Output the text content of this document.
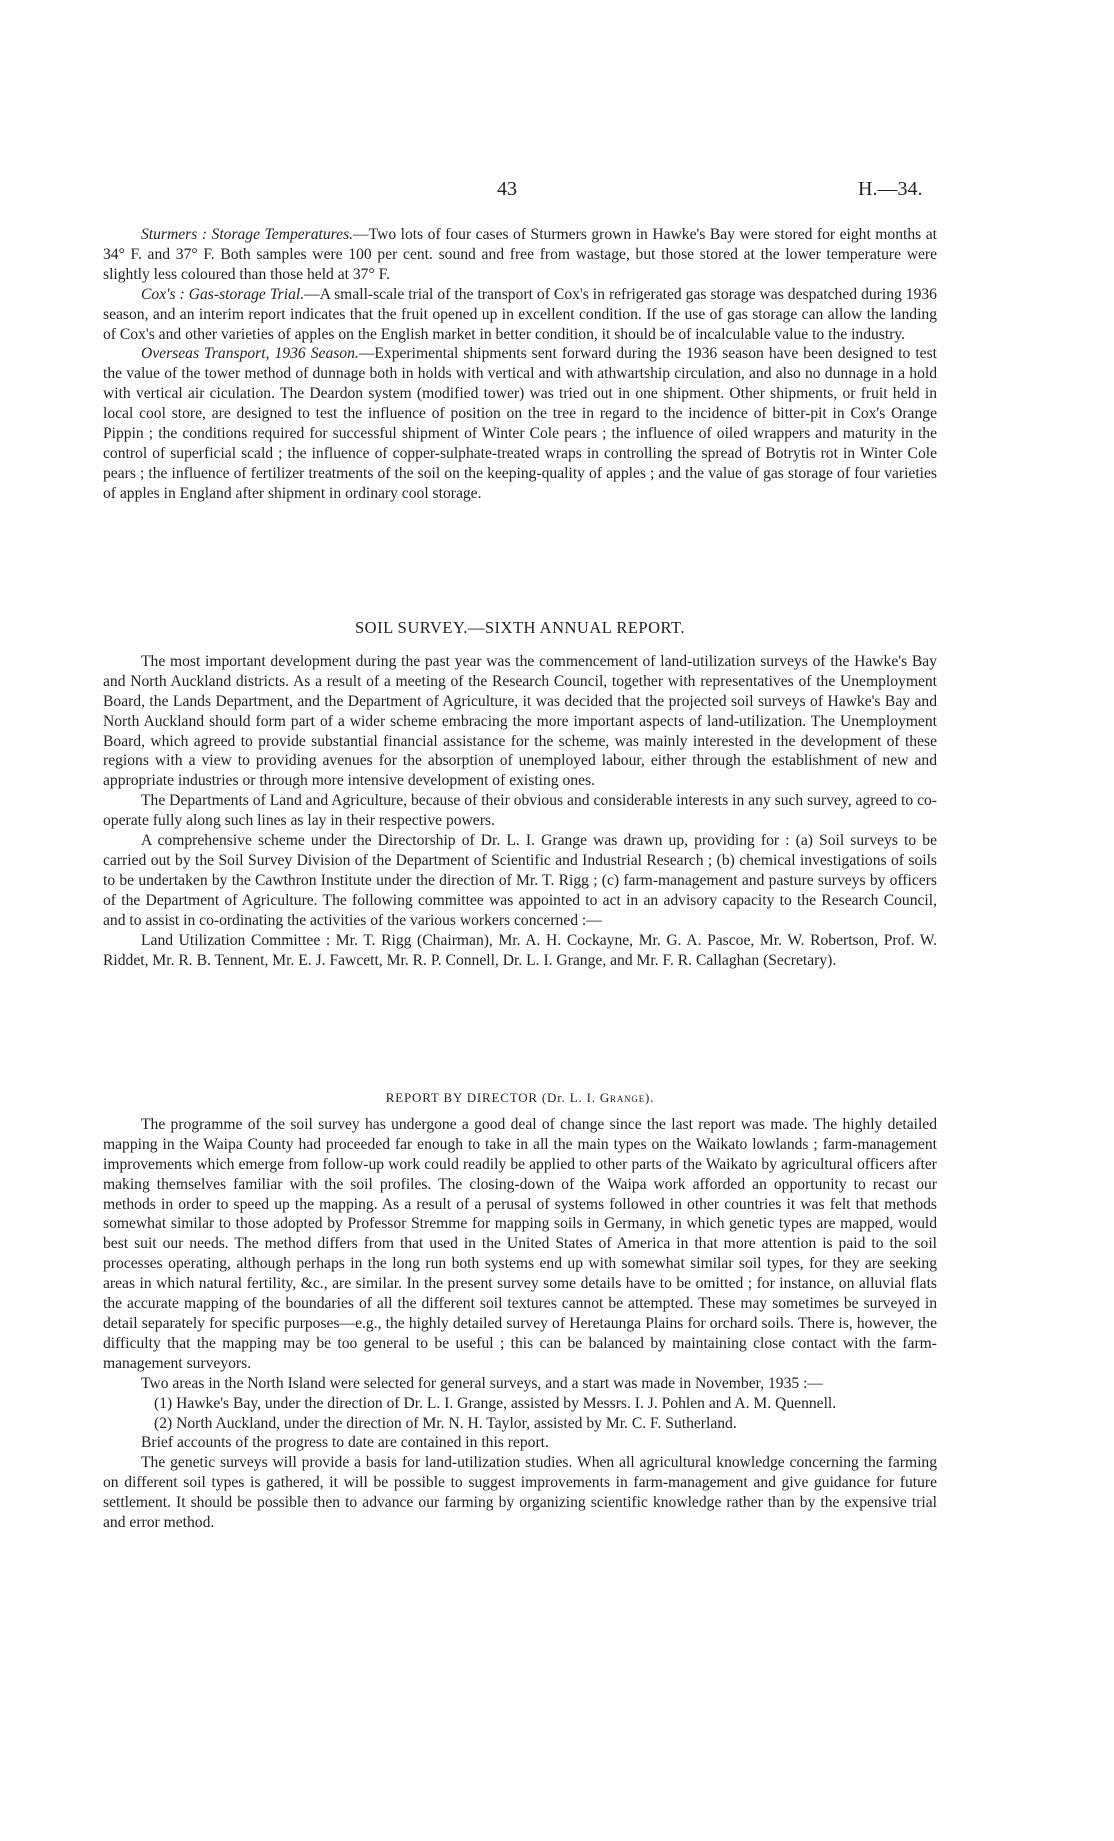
43	H.—34.

Sturmers : Storage Temperatures.—Two lots of four cases of Sturmers grown in Hawke's Bay were stored for eight months at 34° F. and 37° F. Both samples were 100 per cent. sound and free from wastage, but those stored at the lower temperature were slightly less coloured than those held at 37° F.

Cox's : Gas-storage Trial.—A small-scale trial of the transport of Cox's in refrigerated gas storage was despatched during 1936 season, and an interim report indicates that the fruit opened up in excellent condition. If the use of gas storage can allow the landing of Cox's and other varieties of apples on the English market in better condition, it should be of incalculable value to the industry.

Overseas Transport, 1936 Season.—Experimental shipments sent forward during the 1936 season have been designed to test the value of the tower method of dunnage both in holds with vertical and with athwartship circulation, and also no dunnage in a hold with vertical air ciculation. The Deardon system (modified tower) was tried out in one shipment. Other shipments, or fruit held in local cool store, are designed to test the influence of position on the tree in regard to the incidence of bitter-pit in Cox's Orange Pippin ; the conditions required for successful shipment of Winter Cole pears ; the influence of oiled wrappers and maturity in the control of superficial scald ; the influence of copper-sulphate-treated wraps in controlling the spread of Botrytis rot in Winter Cole pears ; the influence of fertilizer treatments of the soil on the keeping-quality of apples ; and the value of gas storage of four varieties of apples in England after shipment in ordinary cool storage.

SOIL SURVEY.—SIXTH ANNUAL REPORT.

The most important development during the past year was the commencement of land-utilization surveys of the Hawke's Bay and North Auckland districts. As a result of a meeting of the Research Council, together with representatives of the Unemployment Board, the Lands Department, and the Department of Agriculture, it was decided that the projected soil surveys of Hawke's Bay and North Auckland should form part of a wider scheme embracing the more important aspects of land-utilization. The Unemployment Board, which agreed to provide substantial financial assistance for the scheme, was mainly interested in the development of these regions with a view to providing avenues for the absorption of unemployed labour, either through the establishment of new and appropriate industries or through more intensive development of existing ones.

The Departments of Land and Agriculture, because of their obvious and considerable interests in any such survey, agreed to co-operate fully along such lines as lay in their respective powers.

A comprehensive scheme under the Directorship of Dr. L. I. Grange was drawn up, providing for : (a) Soil surveys to be carried out by the Soil Survey Division of the Department of Scientific and Industrial Research ; (b) chemical investigations of soils to be undertaken by the Cawthron Institute under the direction of Mr. T. Rigg ; (c) farm-management and pasture surveys by officers of the Department of Agriculture. The following committee was appointed to act in an advisory capacity to the Research Council, and to assist in co-ordinating the activities of the various workers concerned :—

Land Utilization Committee : Mr. T. Rigg (Chairman), Mr. A. H. Cockayne, Mr. G. A. Pascoe, Mr. W. Robertson, Prof. W. Riddet, Mr. R. B. Tennent, Mr. E. J. Fawcett, Mr. R. P. Connell, Dr. L. I. Grange, and Mr. F. R. Callaghan (Secretary).

REPORT BY DIRECTOR (Dr. L. I. Grange).

The programme of the soil survey has undergone a good deal of change since the last report was made. The highly detailed mapping in the Waipa County had proceeded far enough to take in all the main types on the Waikato lowlands ; farm-management improvements which emerge from follow-up work could readily be applied to other parts of the Waikato by agricultural officers after making themselves familiar with the soil profiles. The closing-down of the Waipa work afforded an opportunity to recast our methods in order to speed up the mapping. As a result of a perusal of systems followed in other countries it was felt that methods somewhat similar to those adopted by Professor Stremme for mapping soils in Germany, in which genetic types are mapped, would best suit our needs. The method differs from that used in the United States of America in that more attention is paid to the soil processes operating, although perhaps in the long run both systems end up with somewhat similar soil types, for they are seeking areas in which natural fertility, &c., are similar. In the present survey some details have to be omitted ; for instance, on alluvial flats the accurate mapping of the boundaries of all the different soil textures cannot be attempted. These may sometimes be surveyed in detail separately for specific purposes—e.g., the highly detailed survey of Heretaunga Plains for orchard soils. There is, however, the difficulty that the mapping may be too general to be useful ; this can be balanced by maintaining close contact with the farm-management surveyors.

Two areas in the North Island were selected for general surveys, and a start was made in November, 1935 :—

(1) Hawke's Bay, under the direction of Dr. L. I. Grange, assisted by Messrs. I. J. Pohlen and A. M. Quennell.

(2) North Auckland, under the direction of Mr. N. H. Taylor, assisted by Mr. C. F. Sutherland.

Brief accounts of the progress to date are contained in this report.

The genetic surveys will provide a basis for land-utilization studies. When all agricultural knowledge concerning the farming on different soil types is gathered, it will be possible to suggest improvements in farm-management and give guidance for future settlement. It should be possible then to advance our farming by organizing scientific knowledge rather than by the expensive trial and error method.
